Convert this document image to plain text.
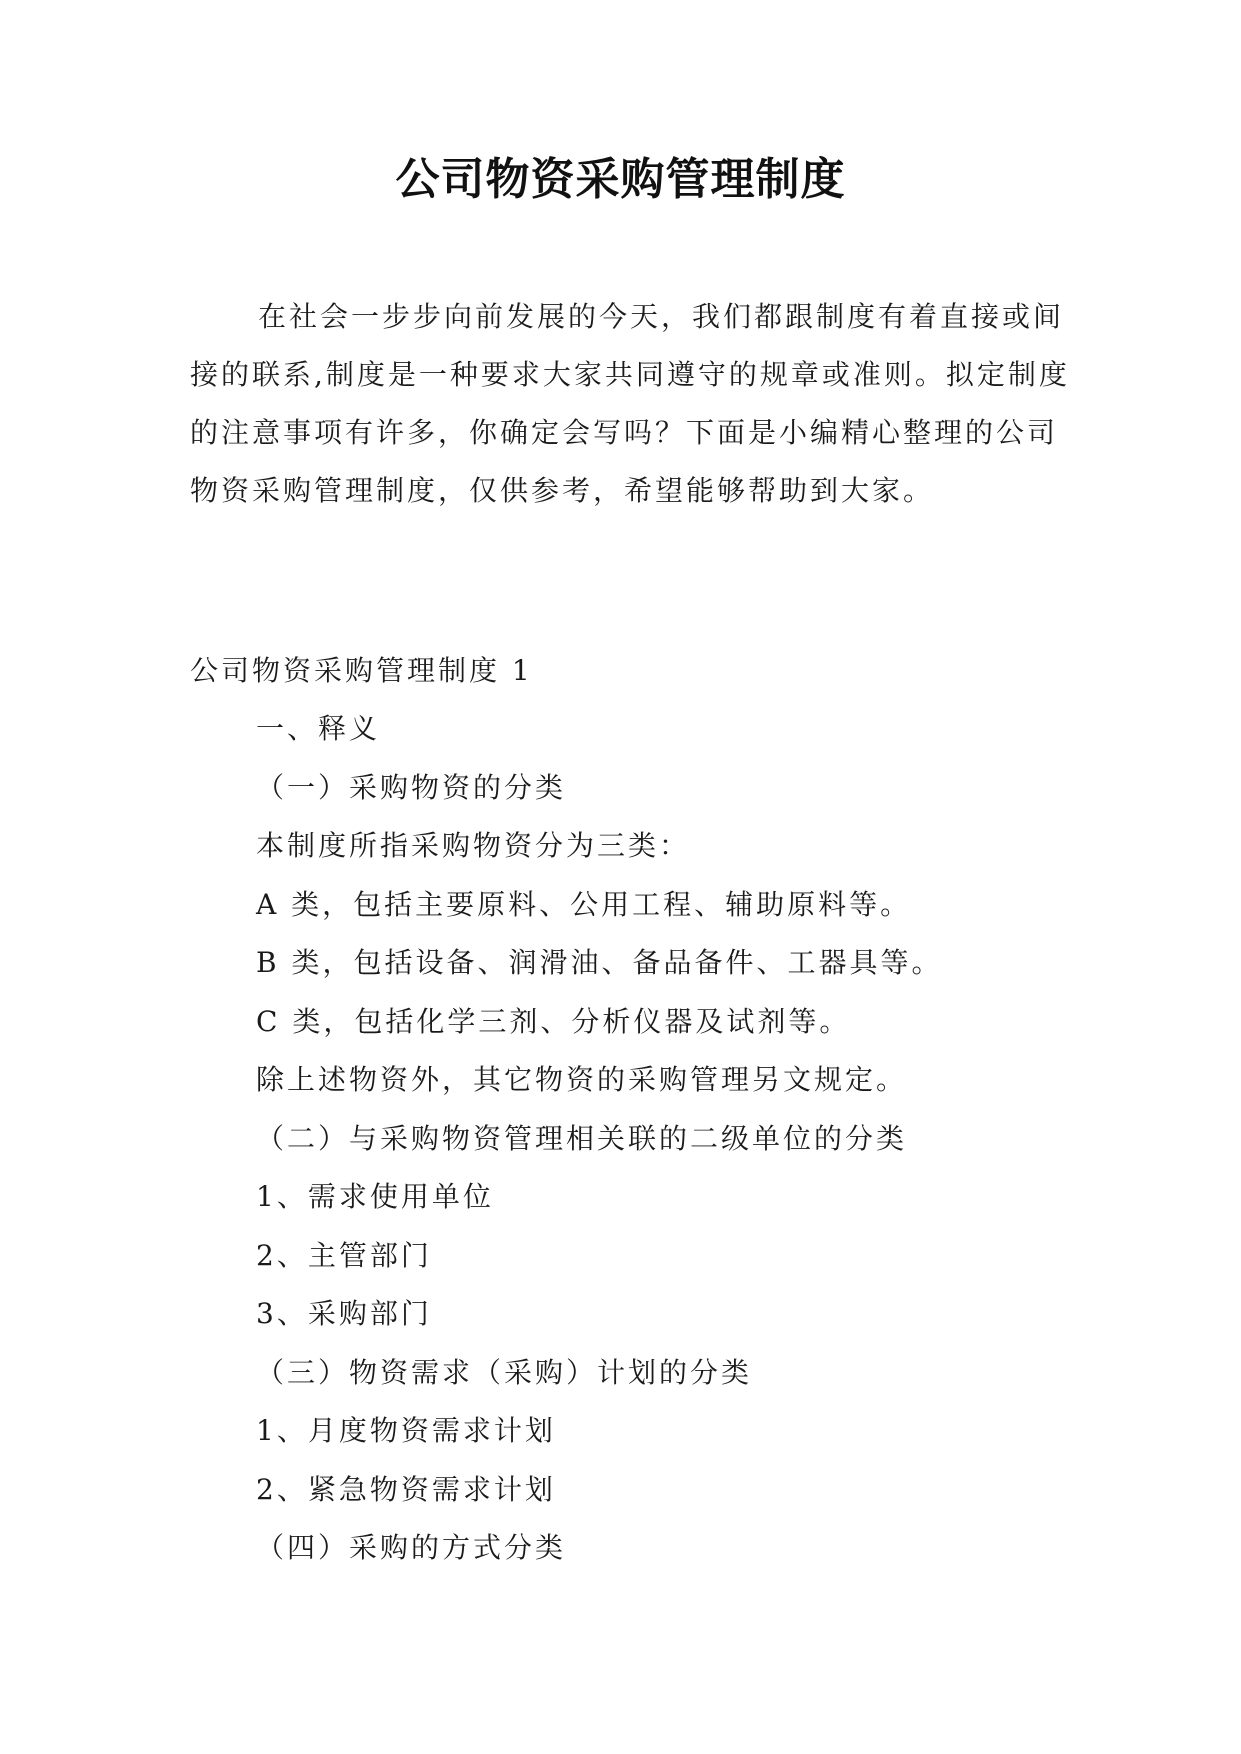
公司物资采购管理制度

在社会一步步向前发展的今天，我们都跟制度有着直接或间接的联系,制度是一种要求大家共同遵守的规章或准则。拟定制度的注意事项有许多，你确定会写吗？下面是小编精心整理的公司物资采购管理制度，仅供参考，希望能够帮助到大家。

公司物资采购管理制度 1
一、释义
（一）采购物资的分类
本制度所指采购物资分为三类：
A 类，包括主要原料、公用工程、辅助原料等。
B 类，包括设备、润滑油、备品备件、工器具等。
C 类，包括化学三剂、分析仪器及试剂等。
除上述物资外，其它物资的采购管理另文规定。
（二）与采购物资管理相关联的二级单位的分类
1、需求使用单位
2、主管部门
3、采购部门
（三）物资需求（采购）计划的分类
1、月度物资需求计划
2、紧急物资需求计划
（四）采购的方式分类
